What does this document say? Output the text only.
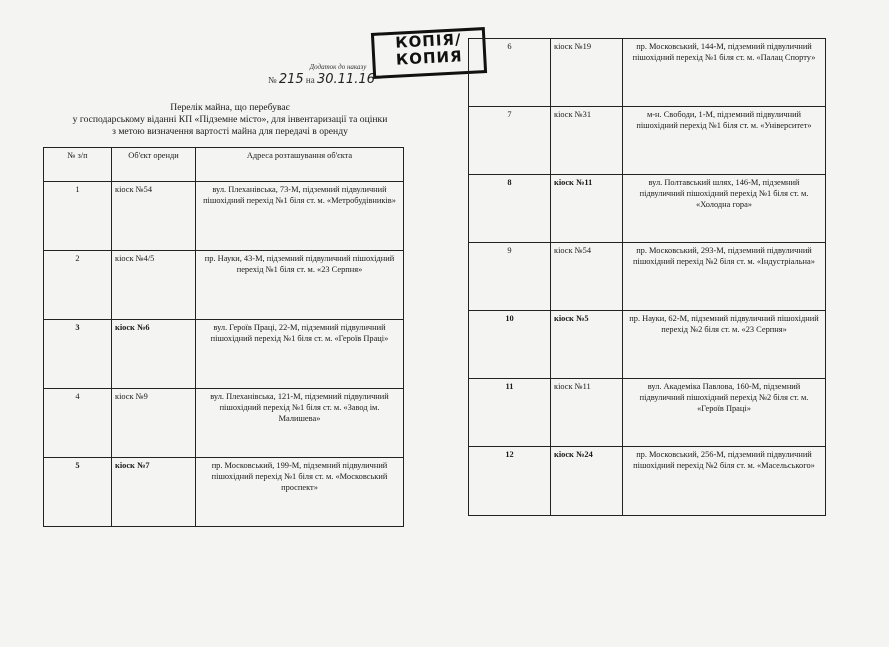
Додаток до наказу
№ 215 на 30.11.16
КОПІЯ/
КОПИЯ
Перелік майна, що перебуває
у господарському віданні КП «Підземне місто», для інвентаризації та оцінки
з метою визначення вартості майна для передачі в оренду
№ з/п	Об'єкт оренди	Адреса розташування об'єкта
1	кіоск №54	вул. Плеханівська, 73-М, підземний підвуличний пішохідний перехід №1 біля ст. м. «Метробудівників»
2	кіоск №4/5	пр. Науки, 43-М, підземний підвуличний пішохідний перехід №1 біля ст. м. «23 Серпня»
3	кіоск №6	вул. Героїв Праці, 22-М, підземний підвуличний пішохідний перехід №1 біля ст. м. «Героїв Праці»
4	кіоск №9	вул. Плеханівська, 121-М, підземний підвуличний пішохідний перехід №1 біля ст. м. «Завод ім. Малишева»
5	кіоск №7	пр. Московський, 199-М, підземний підвуличний пішохідний перехід №1 біля ст. м. «Московський проспект»
6	кіоск №19	пр. Московський, 144-М, підземний підвуличний пішохідний перехід №1 біля ст. м. «Палац Спорту»
7	кіоск №31	м-н. Свободи, 1-М, підземний підвуличний пішохідний перехід №1 біля ст. м. «Університет»
8	кіоск №11	вул. Полтавський шлях, 146-М, підземний підвуличний пішохідний перехід №1 біля ст. м. «Холодна гора»
9	кіоск №54	пр. Московський, 293-М, підземний підвуличний пішохідний перехід №2 біля ст. м. «Індустріальна»
10	кіоск №5	пр. Науки, 62-М, підземний підвуличний пішохідний перехід №2 біля ст. м. «23 Серпня»
11	кіоск №11	вул. Академіка Павлова, 160-М, підземний підвуличний пішохідний перехід №2 біля ст. м. «Героїв Праці»
12	кіоск №24	пр. Московський, 256-М, підземний підвуличний пішохідний перехід №2 біля ст. м. «Масельського»
